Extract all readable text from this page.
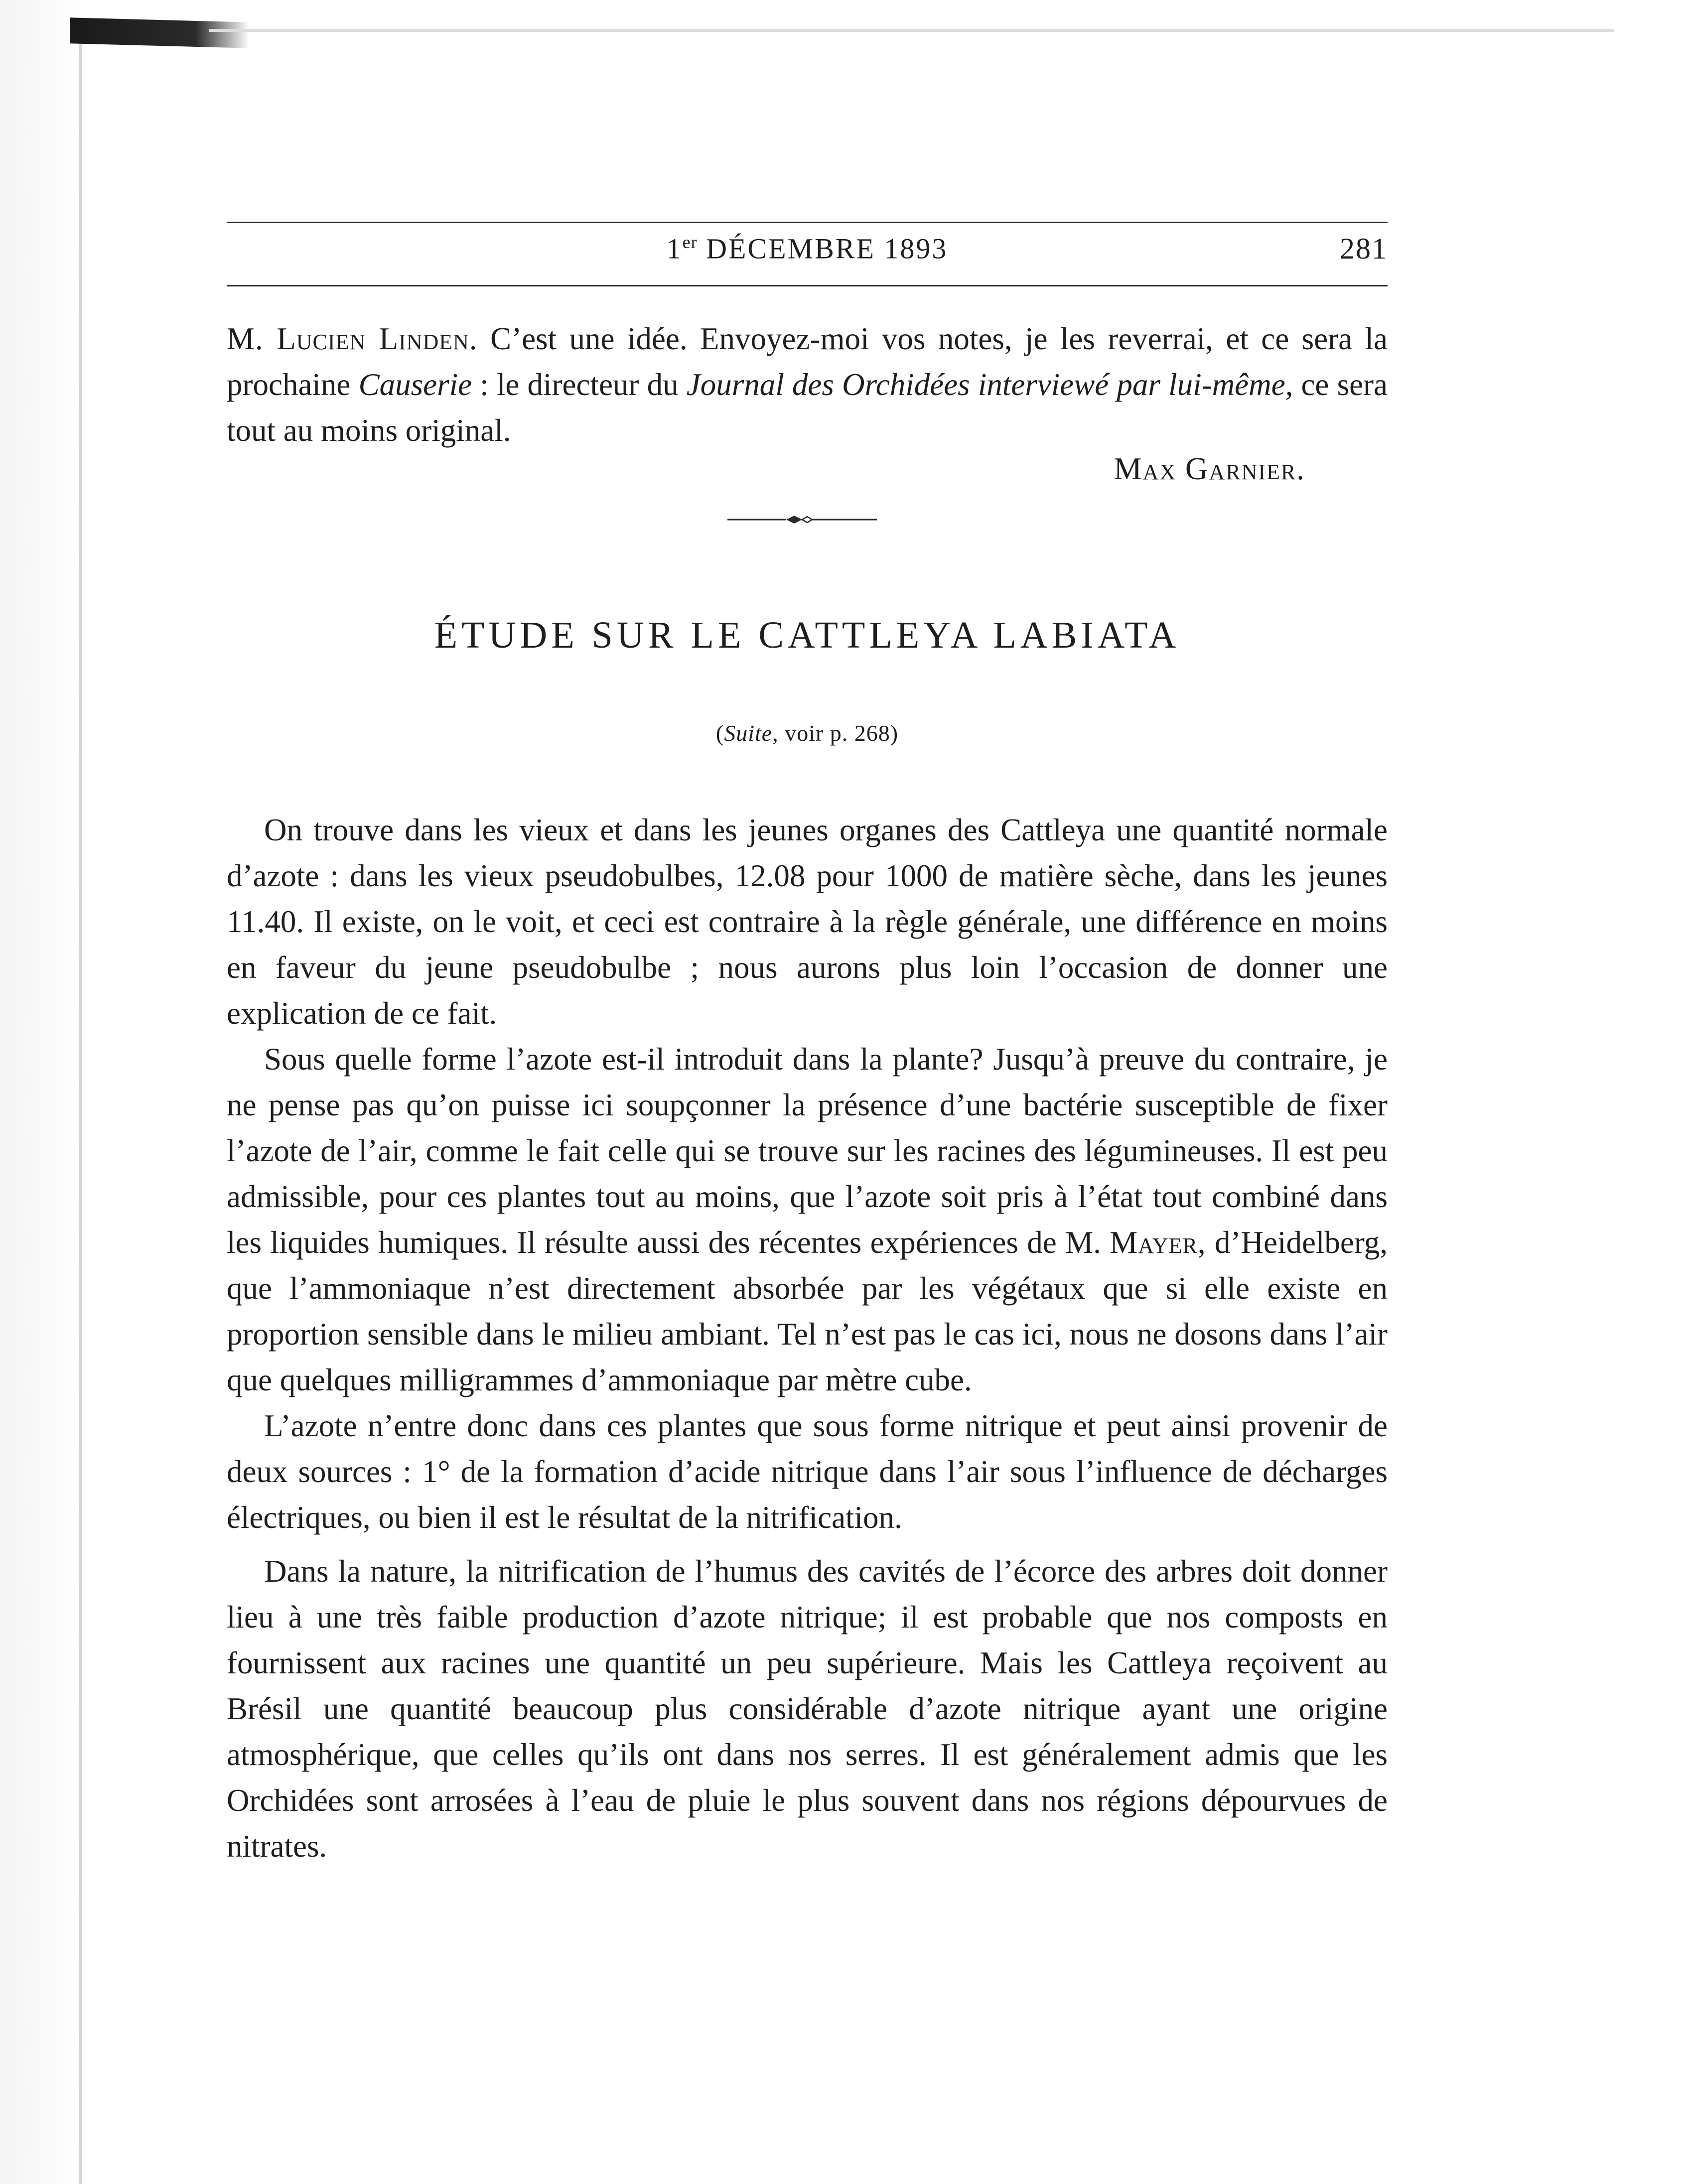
1er DÉCEMBRE 1893	281

M. Lucien Linden. C’est une idée. Envoyez-moi vos notes, je les reverrai, et ce sera la prochaine Causerie : le directeur du Journal des Orchidées interviewé par lui-même, ce sera tout au moins original.

Max Garnier.
ÉTUDE SUR LE CATTLEYA LABIATA
(Suite, voir p. 268)

On trouve dans les vieux et dans les jeunes organes des Cattleya une quantité normale d’azote : dans les vieux pseudobulbes, 12.08 pour 1000 de matière sèche, dans les jeunes 11.40. Il existe, on le voit, et ceci est contraire à la règle générale, une différence en moins en faveur du jeune pseudobulbe ; nous aurons plus loin l’occasion de donner une explication de ce fait.

Sous quelle forme l’azote est-il introduit dans la plante? Jusqu’à preuve du contraire, je ne pense pas qu’on puisse ici soupçonner la présence d’une bactérie susceptible de fixer l’azote de l’air, comme le fait celle qui se trouve sur les racines des légumineuses. Il est peu admissible, pour ces plantes tout au moins, que l’azote soit pris à l’état tout combiné dans les liquides humiques. Il résulte aussi des récentes expériences de M. Mayer, d’Heidelberg, que l’ammoniaque n’est directement absorbée par les végétaux que si elle existe en proportion sensible dans le milieu ambiant. Tel n’est pas le cas ici, nous ne dosons dans l’air que quelques milligrammes d’ammoniaque par mètre cube.

L’azote n’entre donc dans ces plantes que sous forme nitrique et peut ainsi provenir de deux sources : 1° de la formation d’acide nitrique dans l’air sous l’influence de décharges électriques, ou bien il est le résultat de la nitrification.

Dans la nature, la nitrification de l’humus des cavités de l’écorce des arbres doit donner lieu à une très faible production d’azote nitrique; il est probable que nos composts en fournissent aux racines une quantité un peu supérieure. Mais les Cattleya reçoivent au Brésil une quantité beaucoup plus considérable d’azote nitrique ayant une origine atmosphérique, que celles qu’ils ont dans nos serres. Il est généralement admis que les Orchidées sont arrosées à l’eau de pluie le plus souvent dans nos régions dépourvues de nitrates.
